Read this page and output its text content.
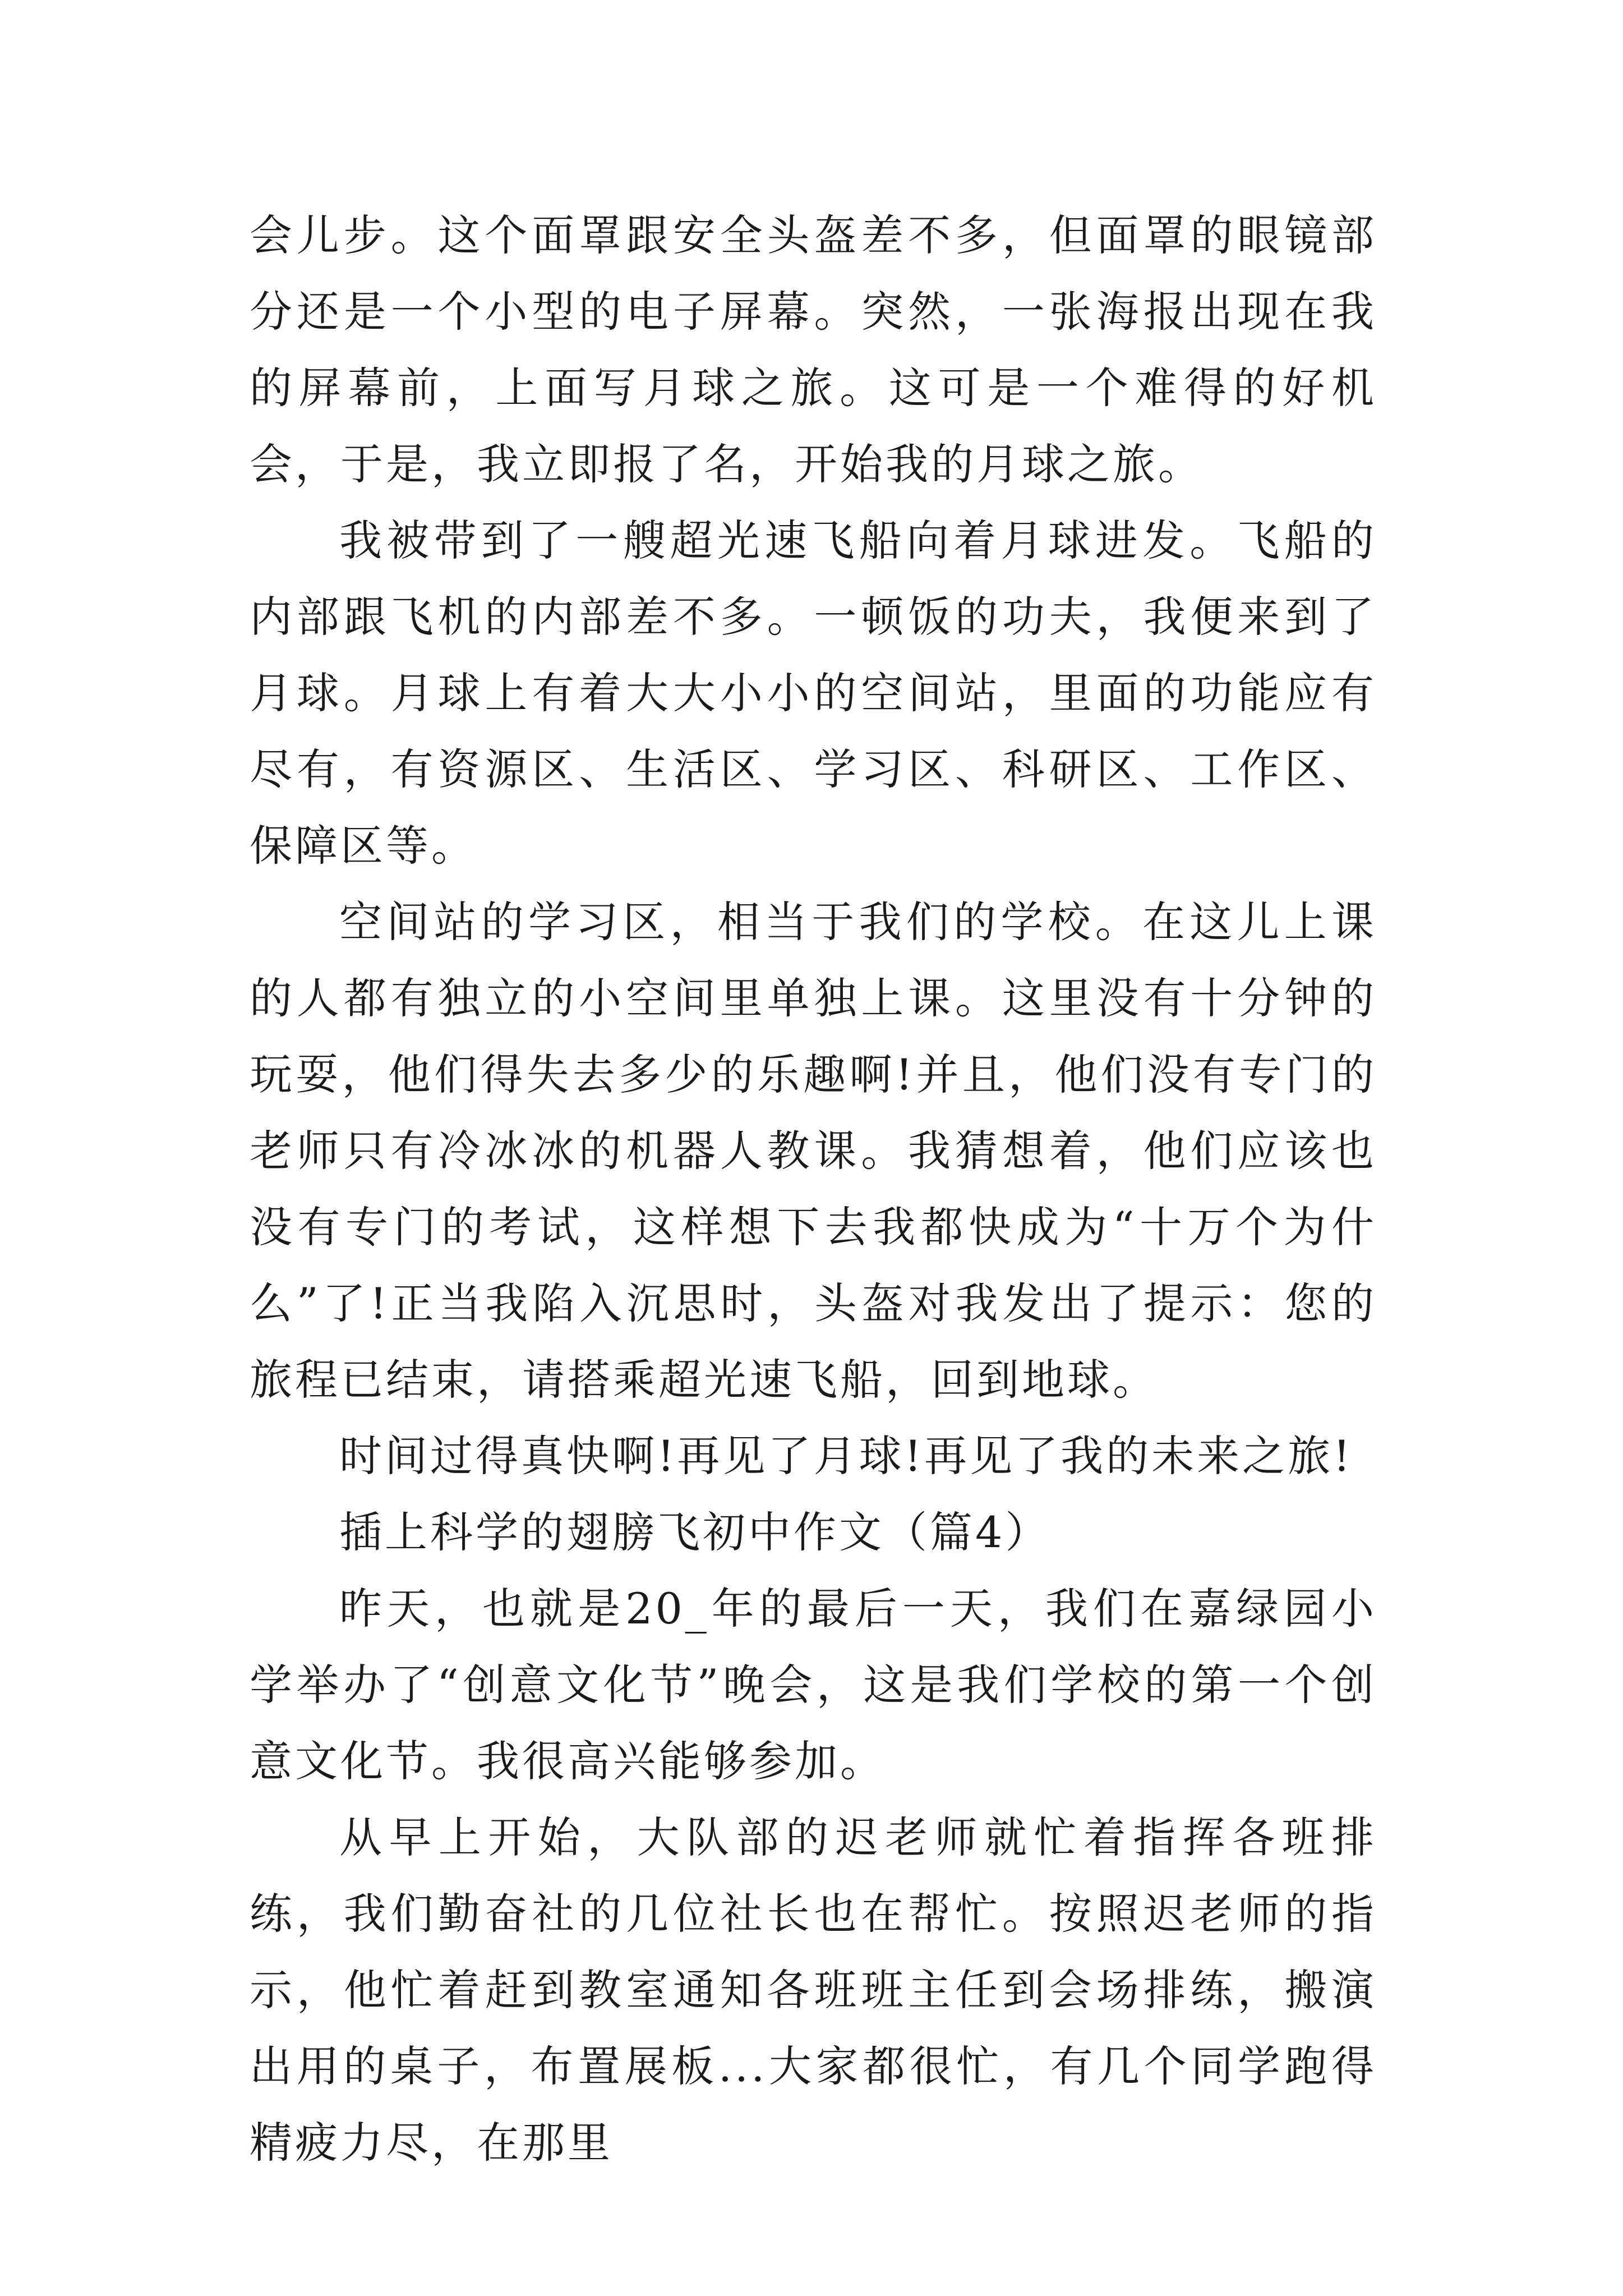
会儿步。这个面罩跟安全头盔差不多，但面罩的眼镜部分还是一个小型的电子屏幕。突然，一张海报出现在我的屏幕前，上面写月球之旅。这可是一个难得的好机会，于是，我立即报了名，开始我的月球之旅。

我被带到了一艘超光速飞船向着月球进发。飞船的内部跟飞机的内部差不多。一顿饭的功夫，我便来到了月球。月球上有着大大小小的空间站，里面的功能应有尽有，有资源区、生活区、学习区、科研区、工作区、保障区等。

空间站的学习区，相当于我们的学校。在这儿上课的人都有独立的小空间里单独上课。这里没有十分钟的玩耍，他们得失去多少的乐趣啊!并且，他们没有专门的老师只有冷冰冰的机器人教课。我猜想着，他们应该也没有专门的考试，这样想下去我都快成为“十万个为什么”了!正当我陷入沉思时，头盔对我发出了提示：您的旅程已结束，请搭乘超光速飞船，回到地球。

时间过得真快啊!再见了月球!再见了我的未来之旅!

插上科学的翅膀飞初中作文（篇4）

昨天，也就是20_年的最后一天，我们在嘉绿园小学举办了“创意文化节”晚会，这是我们学校的第一个创意文化节。我很高兴能够参加。

从早上开始，大队部的迟老师就忙着指挥各班排练，我们勤奋社的几位社长也在帮忙。按照迟老师的指示，他忙着赶到教室通知各班班主任到会场排练，搬演出用的桌子，布置展板...大家都很忙，有几个同学跑得精疲力尽，在那里
